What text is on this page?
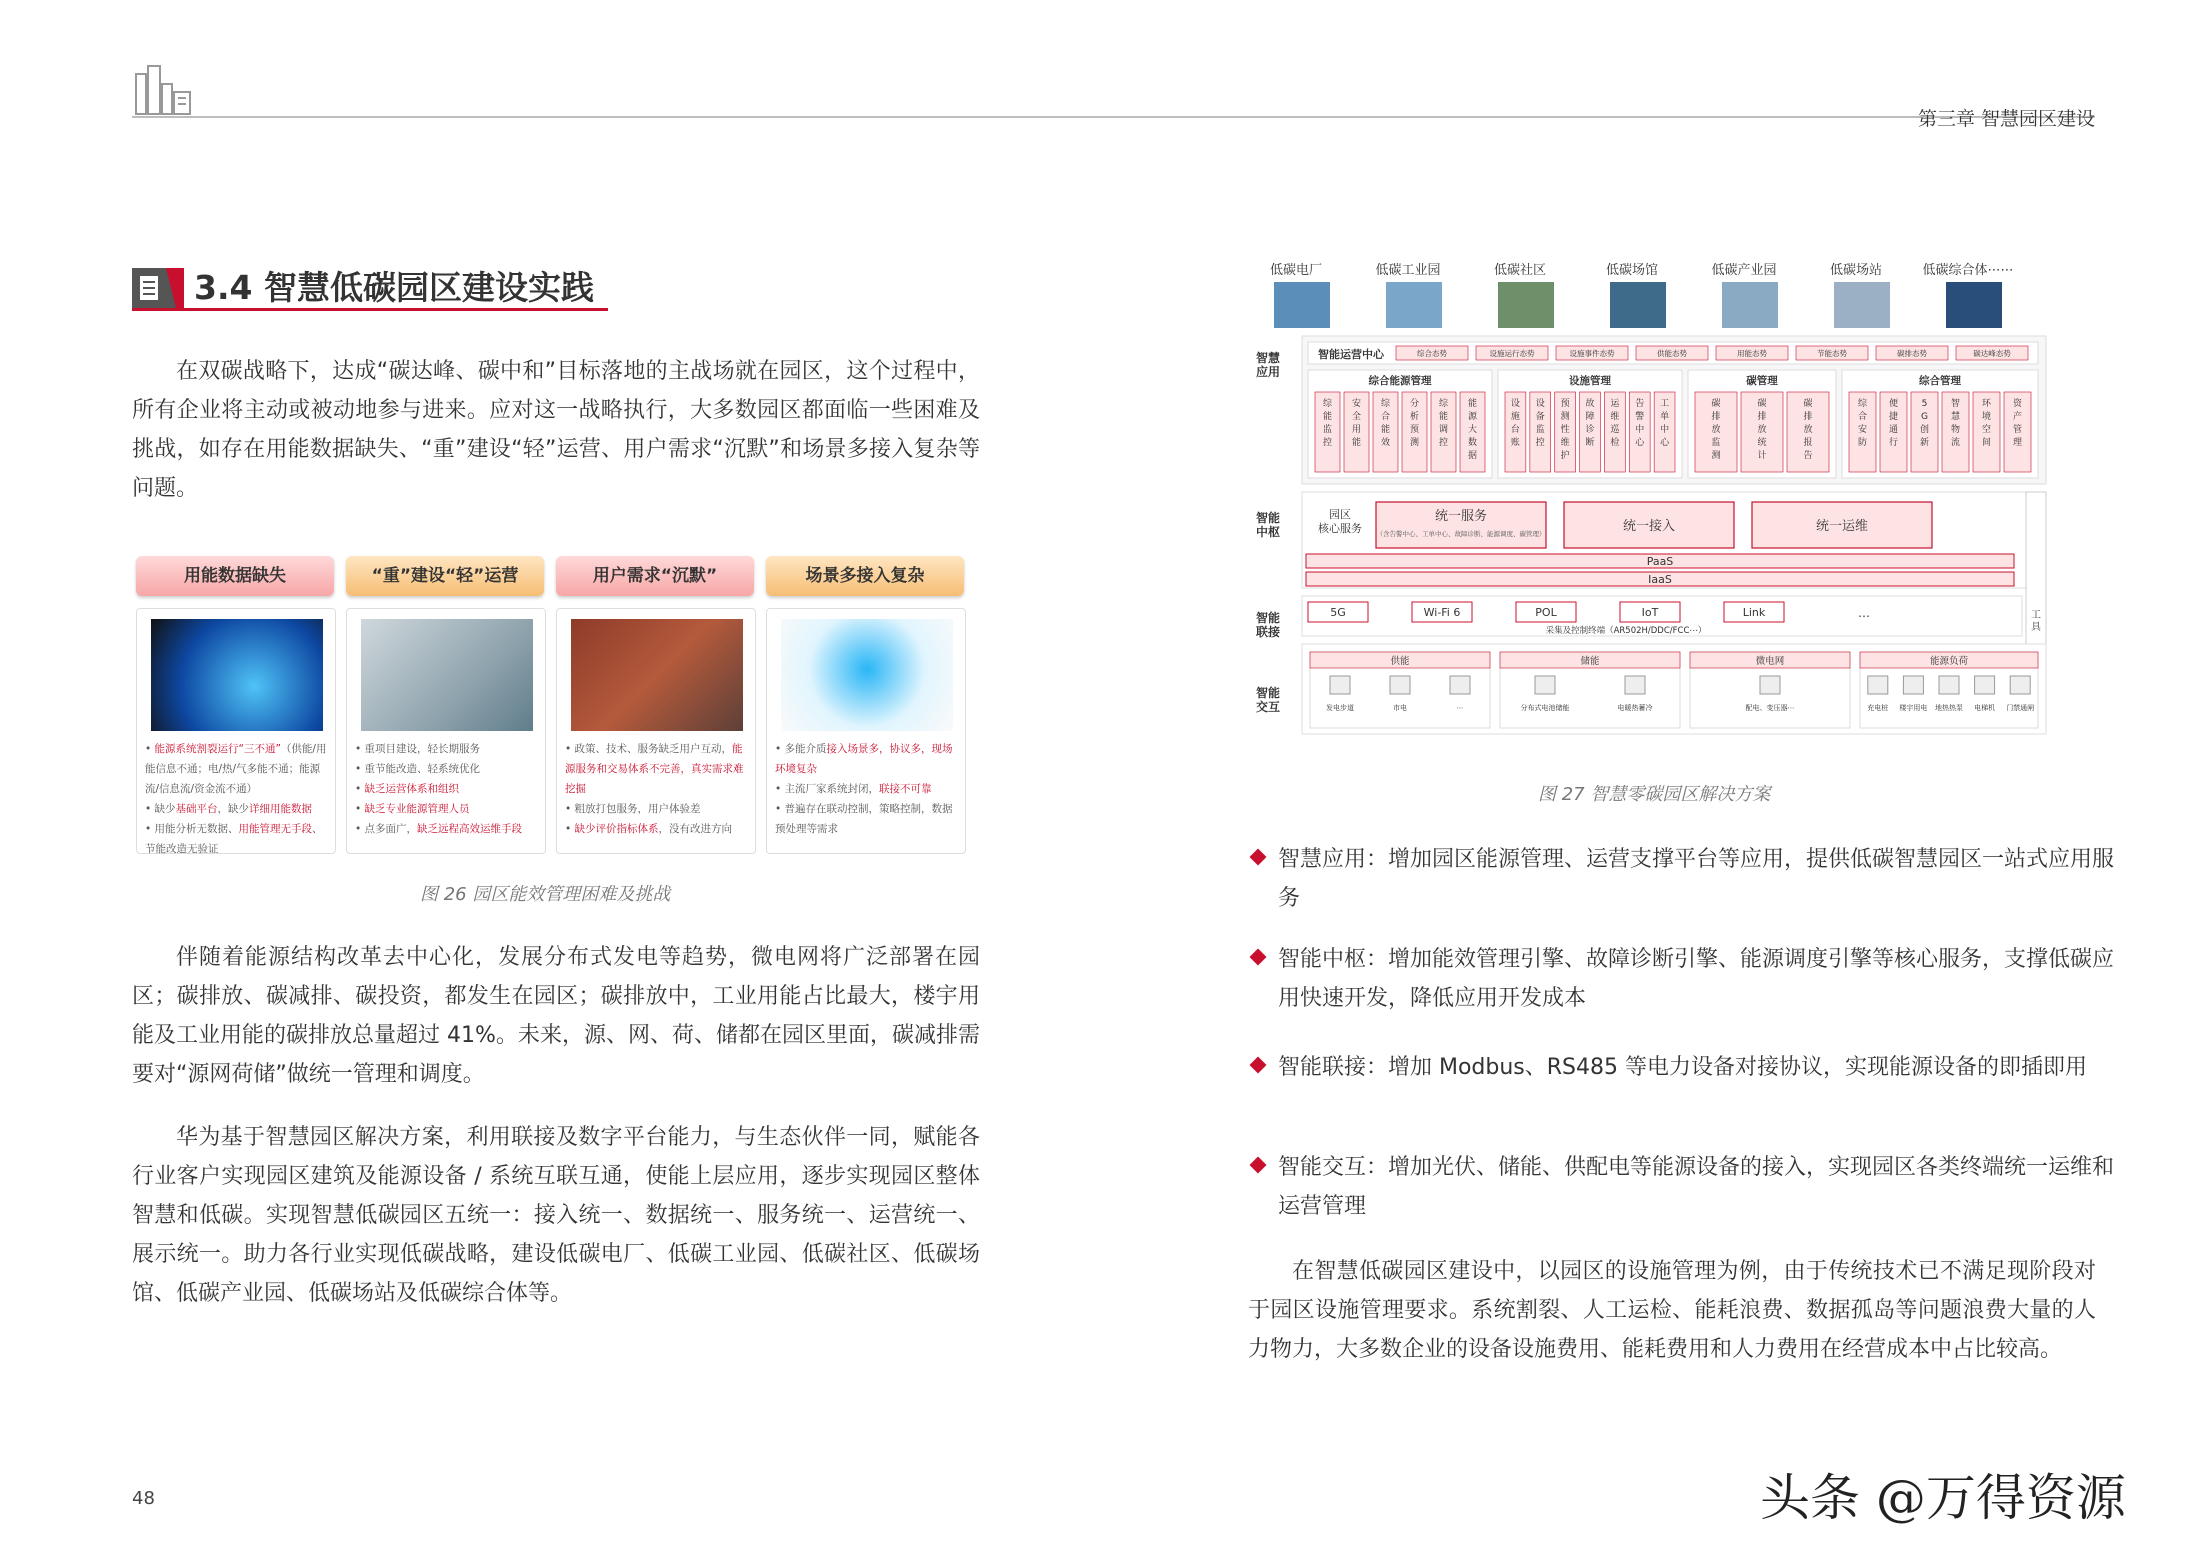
第三章 智慧园区建设
3.4 智慧低碳园区建设实践
在双碳战略下，达成“碳达峰、碳中和”目标落地的主战场就在园区，这个过程中，所有企业将主动或被动地参与进来。应对这一战略执行，大多数园区都面临一些困难及挑战，如存在用能数据缺失、“重”建设“轻”运营、用户需求“沉默”和场景多接入复杂等问题。
用能数据缺失
• 能源系统割裂运行“三不通”（供能/用能信息不通；电/热/气多能不通；能源流/信息流/资金流不通）
• 缺少基础平台，缺少详细用能数据
• 用能分析无数据、用能管理无手段、节能改造无验证
“重”建设“轻”运营
• 重项目建设，轻长期服务
• 重节能改造、轻系统优化
• 缺乏运营体系和组织
• 缺乏专业能源管理人员
• 点多面广，缺乏远程高效运维手段
用户需求“沉默”
• 政策、技术、服务缺乏用户互动，能源服务和交易体系不完善，真实需求难挖掘
• 粗放打包服务，用户体验差
• 缺少评价指标体系，没有改进方向
场景多接入复杂
• 多能介质接入场景多，协议多，现场环境复杂
• 主流厂家系统封闭，联接不可靠
• 普遍存在联动控制，策略控制，数据预处理等需求
图 26 园区能效管理困难及挑战
伴随着能源结构改革去中心化，发展分布式发电等趋势，微电网将广泛部署在园区；碳排放、碳减排、碳投资，都发生在园区；碳排放中，工业用能占比最大，楼宇用能及工业用能的碳排放总量超过 41%。未来，源、网、荷、储都在园区里面，碳减排需要对“源网荷储”做统一管理和调度。
华为基于智慧园区解决方案，利用联接及数字平台能力，与生态伙伴一同，赋能各行业客户实现园区建筑及能源设备 / 系统互联互通，使能上层应用，逐步实现园区整体智慧和低碳。实现智慧低碳园区五统一：接入统一、数据统一、服务统一、运营统一、展示统一。助力各行业实现低碳战略，建设低碳电厂、低碳工业园、低碳社区、低碳场馆、低碳产业园、低碳场站及低碳综合体等。
低碳电厂	低碳工业园	低碳社区	低碳场馆	低碳产业园	低碳场站	低碳综合体⋯⋯
智慧
应用
智能
中枢
智能
联接
智能
交互
智能运营中心	综合态势	设施运行态势	设施事件态势	供能态势	用能态势	节能态势	碳排态势	碳达峰态势
综合能源管理
综
能
监
控
安
全
用
能
综
合
能
效
分
析
预
测
综
能
调
控
能
源
大
数
据
设施管理
设
施
台
账
设
备
监
控
预
测
性
维
护
故
障
诊
断
运
维
巡
检
告
警
中
心
工
单
中
心
碳管理
碳
排
放
监
测
碳
排
放
统
计
碳
排
放
报
告
综合管理
综
合
安
防
便
捷
通
行
5
G
创
新
智
慧
物
流
环
境
空
间
资
产
管
理
园区
核心服务
统一服务
统一接入	统一运维
（含告警中心、工单中心、故障诊断、能源调度、碳管理）
PaaS
IaaS
工
具
5G	Wi-Fi 6	POL	IoT	Link	⋯
采集及控制终端（AR502H/DDC/FCC⋯）
供能
发电步道	市电	⋯
储能
分布式电池储能	电暖热蓄冷
微电网
配电、变压器⋯
能源负荷
充电桩 楼宇用电 地热热泵 电梯机 门禁通闸
图 27 智慧零碳园区解决方案
智慧应用：增加园区能源管理、运营支撑平台等应用，提供低碳智慧园区一站式应用服务
智能中枢：增加能效管理引擎、故障诊断引擎、能源调度引擎等核心服务，支撑低碳应用快速开发，降低应用开发成本
智能联接：增加 Modbus、RS485 等电力设备对接协议，实现能源设备的即插即用
智能交互：增加光伏、储能、供配电等能源设备的接入，实现园区各类终端统一运维和运营管理
在智慧低碳园区建设中，以园区的设施管理为例，由于传统技术已不满足现阶段对于园区设施管理要求。系统割裂、人工运检、能耗浪费、数据孤岛等问题浪费大量的人力物力，大多数企业的设备设施费用、能耗费用和人力费用在经营成本中占比较高。
48	头条 @万得资源
